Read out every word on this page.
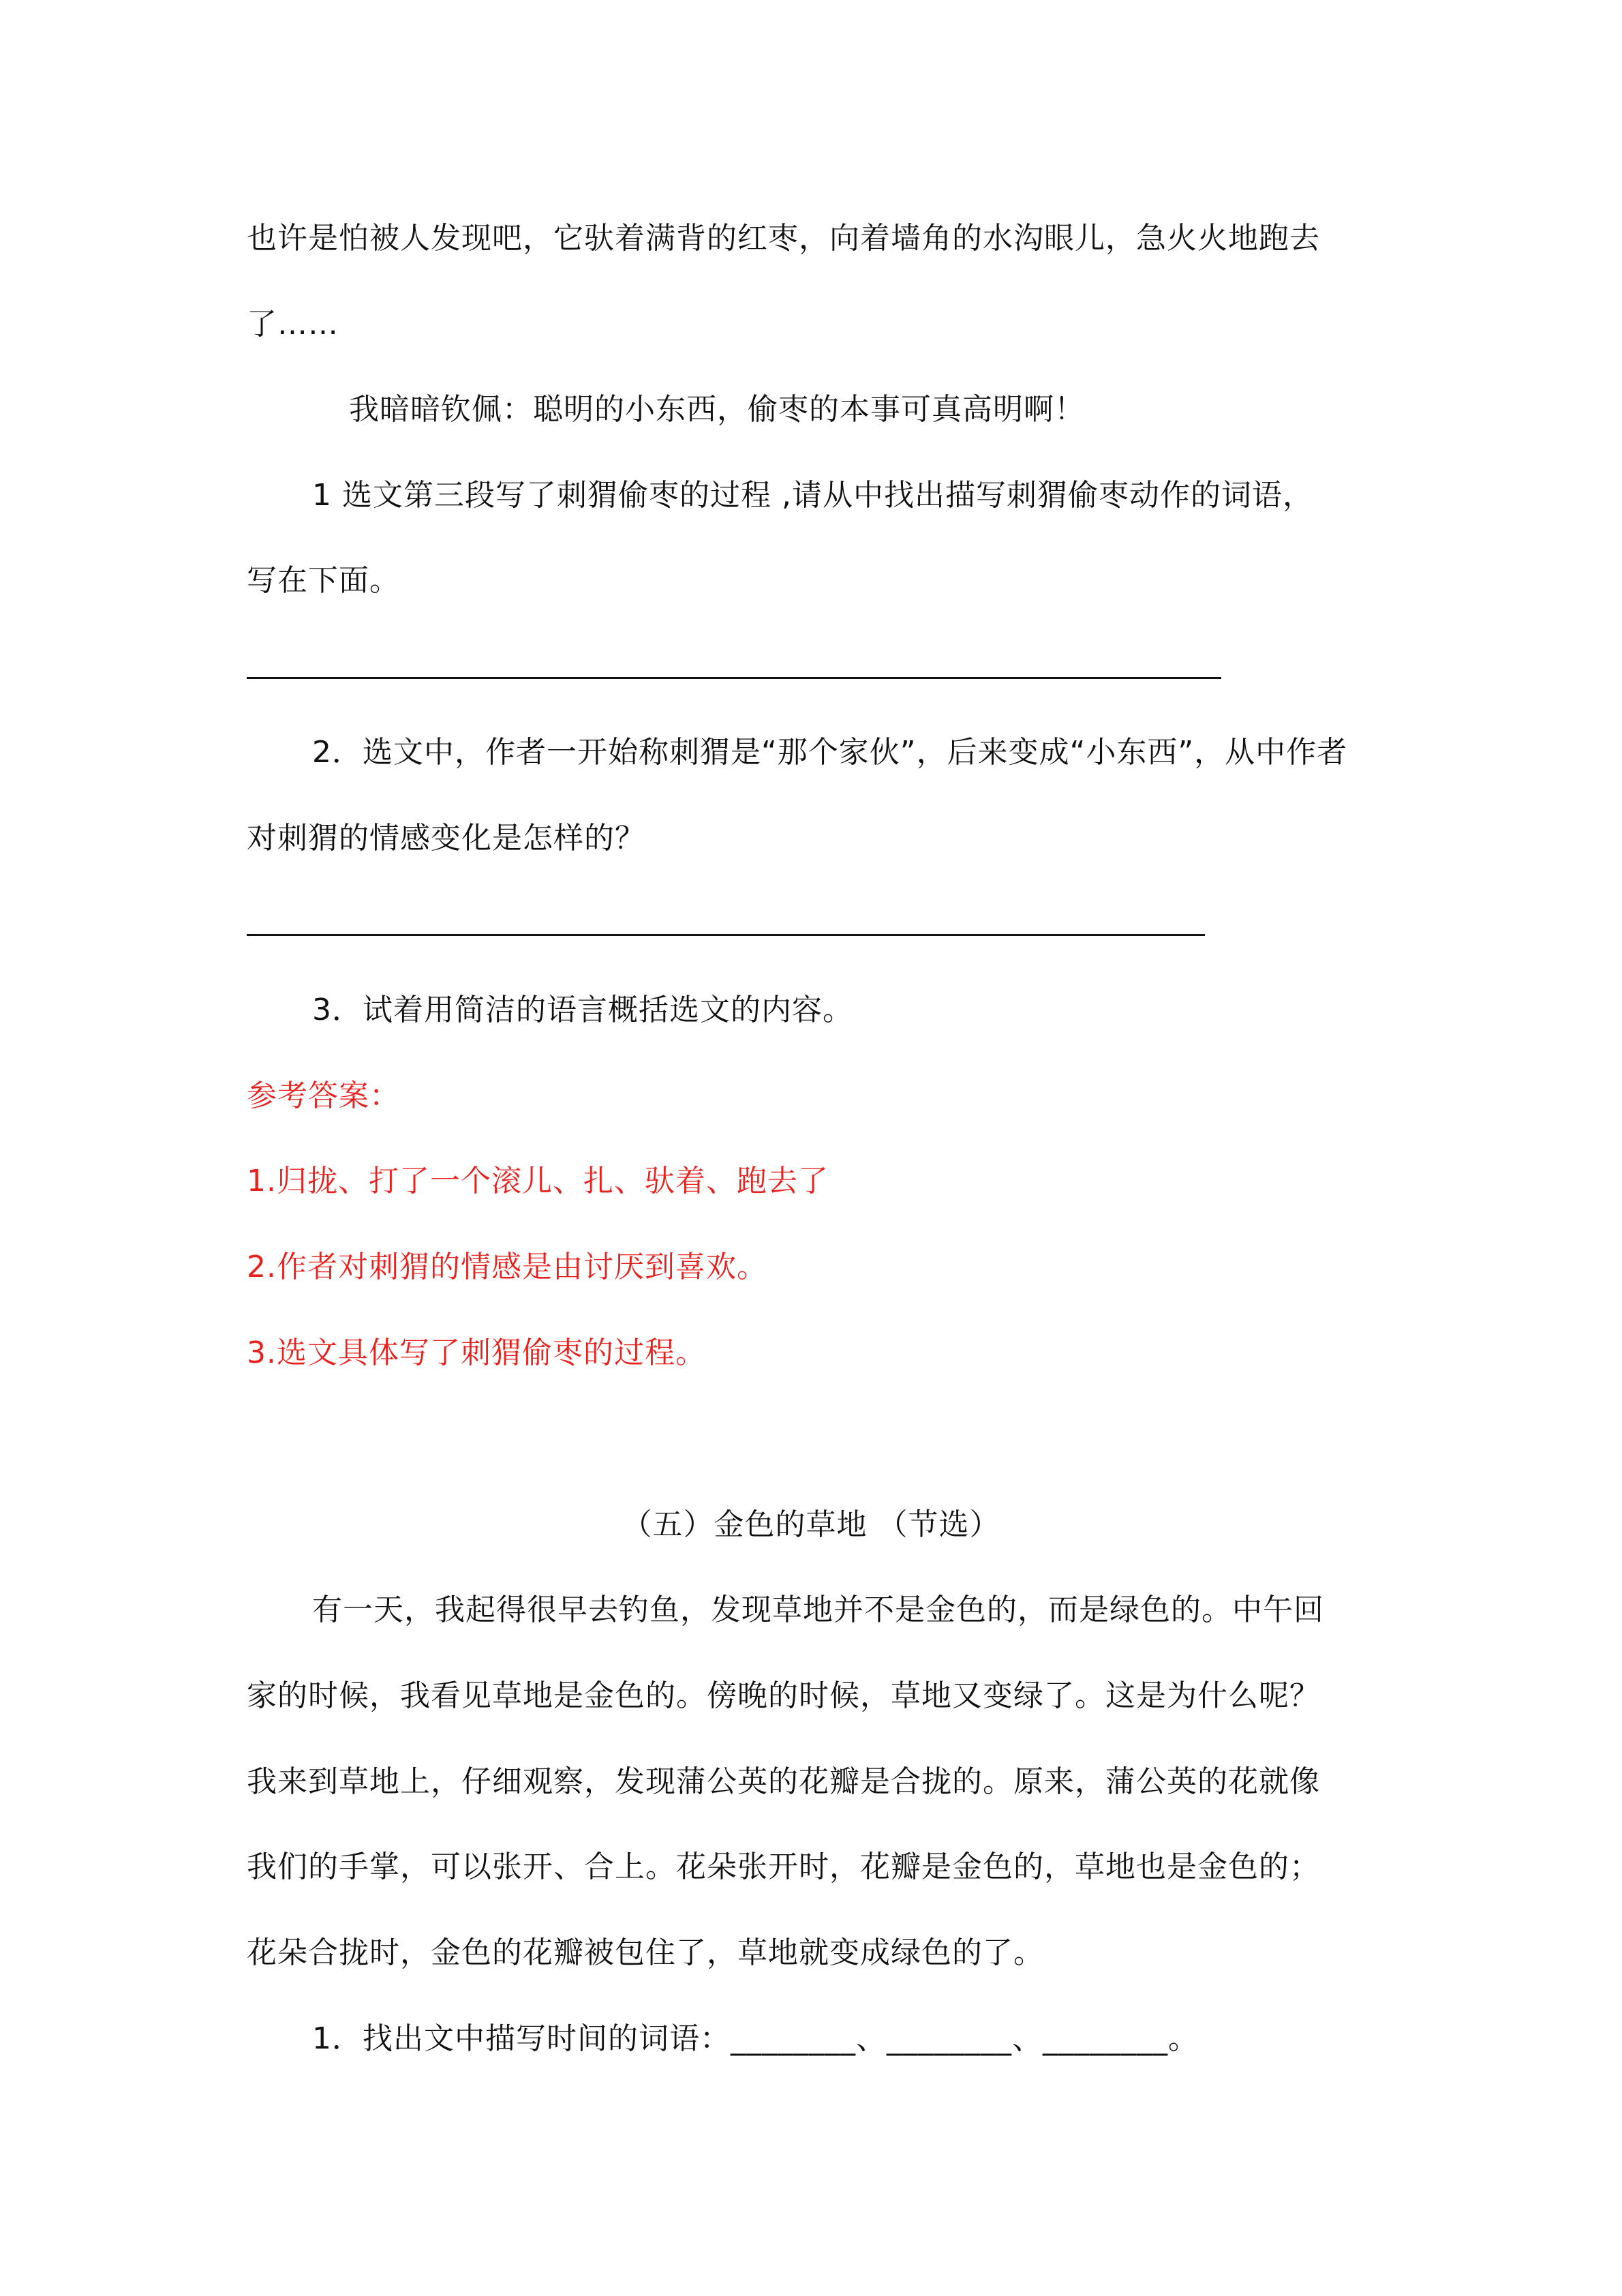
也许是怕被人发现吧，它驮着满背的红枣，向着墙角的水沟眼儿，急火火地跑去
了……
我暗暗钦佩：聪明的小东西，偷枣的本事可真高明啊！
1 选文第三段写了刺猬偷枣的过程 ,请从中找出描写刺猬偷枣动作的词语，
写在下面。
2．选文中，作者一开始称刺猬是“那个家伙”，后来变成“小东西”，从中作者
对刺猬的情感变化是怎样的？
3．试着用简洁的语言概括选文的内容。
参考答案：
1.归拢、打了一个滚儿、扎、驮着、跑去了
2.作者对刺猬的情感是由讨厌到喜欢。
3.选文具体写了刺猬偷枣的过程。
（五）金色的草地 （节选）
有一天，我起得很早去钓鱼，发现草地并不是金色的，而是绿色的。中午回
家的时候，我看见草地是金色的。傍晚的时候，草地又变绿了。这是为什么呢？
我来到草地上，仔细观察，发现蒲公英的花瓣是合拢的。原来，蒲公英的花就像
我们的手掌，可以张开、合上。花朵张开时，花瓣是金色的，草地也是金色的；
花朵合拢时，金色的花瓣被包住了，草地就变成绿色的了。
1．找出文中描写时间的词语：________、________、________。
